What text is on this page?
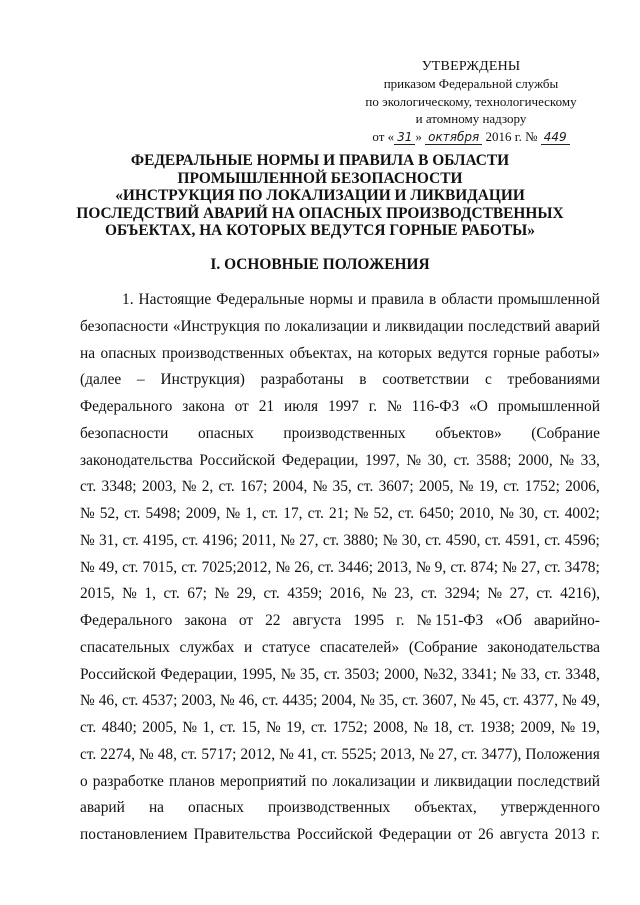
УТВЕРЖДЕНЫ
приказом Федеральной службы
по экологическому, технологическому
и атомному надзору
от « 31 » октября 2016 г. № 449
ФЕДЕРАЛЬНЫЕ НОРМЫ И ПРАВИЛА В ОБЛАСТИ
ПРОМЫШЛЕННОЙ БЕЗОПАСНОСТИ
«ИНСТРУКЦИЯ ПО ЛОКАЛИЗАЦИИ И ЛИКВИДАЦИИ
ПОСЛЕДСТВИЙ АВАРИЙ НА ОПАСНЫХ ПРОИЗВОДСТВЕННЫХ
ОБЪЕКТАХ, НА КОТОРЫХ ВЕДУТСЯ ГОРНЫЕ РАБОТЫ»
I. ОСНОВНЫЕ ПОЛОЖЕНИЯ
1. Настоящие Федеральные нормы и правила в области промышленной
безопасности «Инструкция по локализации и ликвидации последствий аварий
на опасных производственных объектах, на которых ведутся горные работы»
(далее – Инструкция) разработаны в соответствии с требованиями
Федерального закона от 21 июля 1997 г. № 116-ФЗ «О промышленной
безопасности опасных производственных объектов» (Собрание
законодательства Российской Федерации, 1997, № 30, ст. 3588; 2000, № 33,
ст. 3348; 2003, № 2, ст. 167; 2004, № 35, ст. 3607; 2005, № 19, ст. 1752; 2006,
№ 52, ст. 5498; 2009, № 1, ст. 17, ст. 21; № 52, ст. 6450; 2010, № 30, ст. 4002;
№ 31, ст. 4195, ст. 4196; 2011, № 27, ст. 3880; № 30, ст. 4590, ст. 4591, ст. 4596;
№ 49, ст. 7015, ст. 7025;2012, № 26, ст. 3446; 2013, № 9, ст. 874; № 27, ст. 3478;
2015, № 1, ст. 67; № 29, ст. 4359; 2016, № 23, ст. 3294; № 27, ст. 4216),
Федерального закона от 22 августа 1995 г. № 151-ФЗ «Об аварийно-
спасательных службах и статусе спасателей» (Собрание законодательства
Российской Федерации, 1995, № 35, ст. 3503; 2000, №32, 3341; № 33, ст. 3348,
№ 46, ст. 4537; 2003, № 46, ст. 4435; 2004, № 35, ст. 3607, № 45, ст. 4377, № 49,
ст. 4840; 2005, № 1, ст. 15, № 19, ст. 1752; 2008, № 18, ст. 1938; 2009, № 19,
ст. 2274, № 48, ст. 5717; 2012, № 41, ст. 5525; 2013, № 27, ст. 3477), Положения
о разработке планов мероприятий по локализации и ликвидации последствий
аварий на опасных производственных объектах, утвержденного
постановлением Правительства Российской Федерации от 26 августа 2013 г.
